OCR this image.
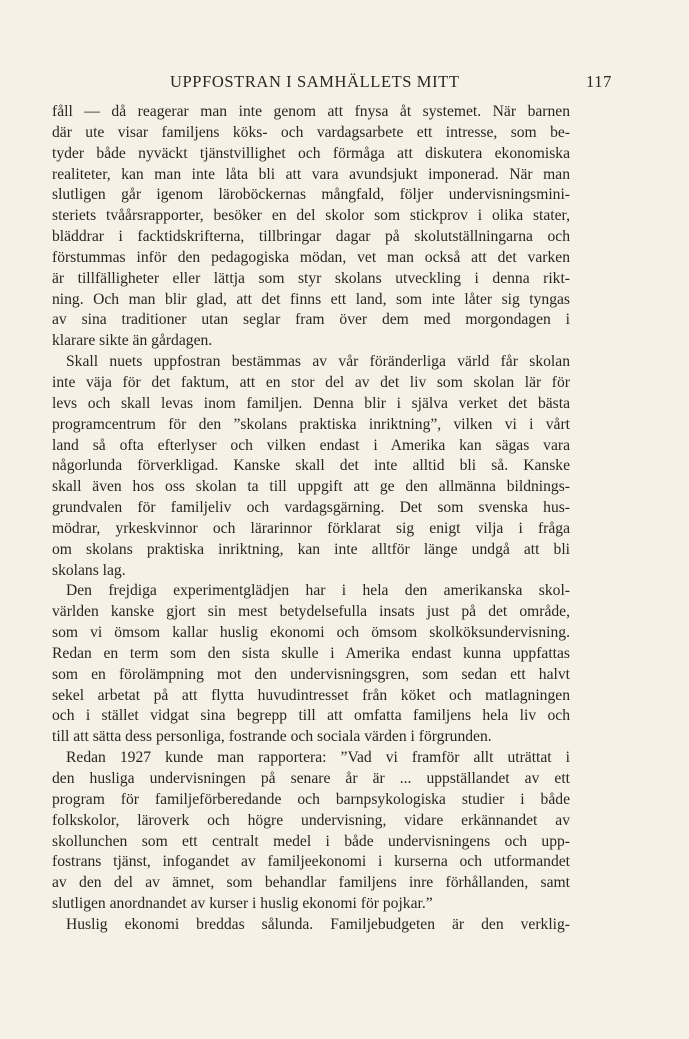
UPPFOSTRAN I SAMHÄLLETS MITT	117
fåll — då reagerar man inte genom att fnysa åt systemet. När barnen
där ute visar familjens köks- och vardagsarbete ett intresse, som be-
tyder både nyväckt tjänstvillighet och förmåga att diskutera ekonomiska
realiteter, kan man inte låta bli att vara avundsjukt imponerad. När man
slutligen går igenom läroböckernas mångfald, följer undervisningsmini-
steriets tvåårsrapporter, besöker en del skolor som stickprov i olika stater,
bläddrar i facktidskrifterna, tillbringar dagar på skolutställningarna och
förstummas inför den pedagogiska mödan, vet man också att det varken
är tillfälligheter eller lättja som styr skolans utveckling i denna rikt-
ning. Och man blir glad, att det finns ett land, som inte låter sig tyngas
av sina traditioner utan seglar fram över dem med morgondagen i
klarare sikte än gårdagen.
Skall nuets uppfostran bestämmas av vår föränderliga värld får skolan
inte väja för det faktum, att en stor del av det liv som skolan lär för
levs och skall levas inom familjen. Denna blir i själva verket det bästa
programcentrum för den ”skolans praktiska inriktning”, vilken vi i vårt
land så ofta efterlyser och vilken endast i Amerika kan sägas vara
någorlunda förverkligad. Kanske skall det inte alltid bli så. Kanske
skall även hos oss skolan ta till uppgift att ge den allmänna bildnings-
grundvalen för familjeliv och vardagsgärning. Det som svenska hus-
mödrar, yrkeskvinnor och lärarinnor förklarat sig enigt vilja i fråga
om skolans praktiska inriktning, kan inte alltför länge undgå att bli
skolans lag.
Den frejdiga experimentglädjen har i hela den amerikanska skol-
världen kanske gjort sin mest betydelsefulla insats just på det område,
som vi ömsom kallar huslig ekonomi och ömsom skolköksundervisning.
Redan en term som den sista skulle i Amerika endast kunna uppfattas
som en förolämpning mot den undervisningsgren, som sedan ett halvt
sekel arbetat på att flytta huvudintresset från köket och matlagningen
och i stället vidgat sina begrepp till att omfatta familjens hela liv och
till att sätta dess personliga, fostrande och sociala värden i förgrunden.
Redan 1927 kunde man rapportera: ”Vad vi framför allt uträttat i
den husliga undervisningen på senare år är ... uppställandet av ett
program för familjeförberedande och barnpsykologiska studier i både
folkskolor, läroverk och högre undervisning, vidare erkännandet av
skollunchen som ett centralt medel i både undervisningens och upp-
fostrans tjänst, infogandet av familjeekonomi i kurserna och utformandet
av den del av ämnet, som behandlar familjens inre förhållanden, samt
slutligen anordnandet av kurser i huslig ekonomi för pojkar.”
Huslig ekonomi breddas sålunda. Familjebudgeten är den verklig-
